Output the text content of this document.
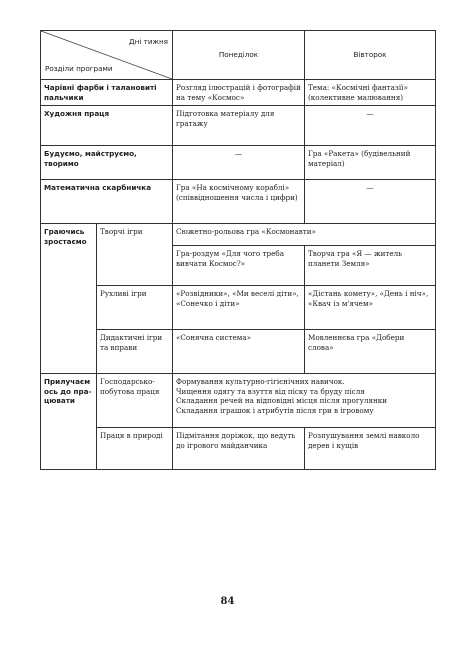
Дні тижня
Розділи програми		Понеділок	Вівторок
Чарівні фарби і талановиті пальчики		Розгляд ілюстрацій і фотографій на тему «Космос»	Тема: «Космічні фантазії» (колективне малювання)
Художня праця		Підготовка матеріалу для гратажу	—
Будуємо, майструємо, творимо		—	Гра «Ракета» (будівельний матеріал)
Математична скарбничка		Гра «На космічному кораблі» (співвідношення числа і цифри)	—
Граючись зростаємо	Творчі ігри	Сюжетно-рольова гра «Космонавти»	
		Гра-роздум «Для чого треба вивчати Космос?»	Творча гра «Я — житель планети Земля»
	Рухливі ігри	«Розвідники», «Ми веселі діти», «Сонечко і діти»	«Дістань комету», «День і ніч», «Квач із м'ячем»
	Дидактичні ігри та вправи	«Сонячна система»	Мовленнєва гра «Добери слова»

Прилучаємось до працювати	Господарсько-побутова праця	Формування культурно-гігієнічних навичок.
Чищення одягу та взуття від піску та бруду після
Складання речей на відповідні місця після прогулянки
Складання іграшок і атрибутів після гри в ігровому	

	Праця в природі	Підмітання доріжок, що ведуть до ігрового майданчика	Розпушування землі навколо дерев і кущів
84
